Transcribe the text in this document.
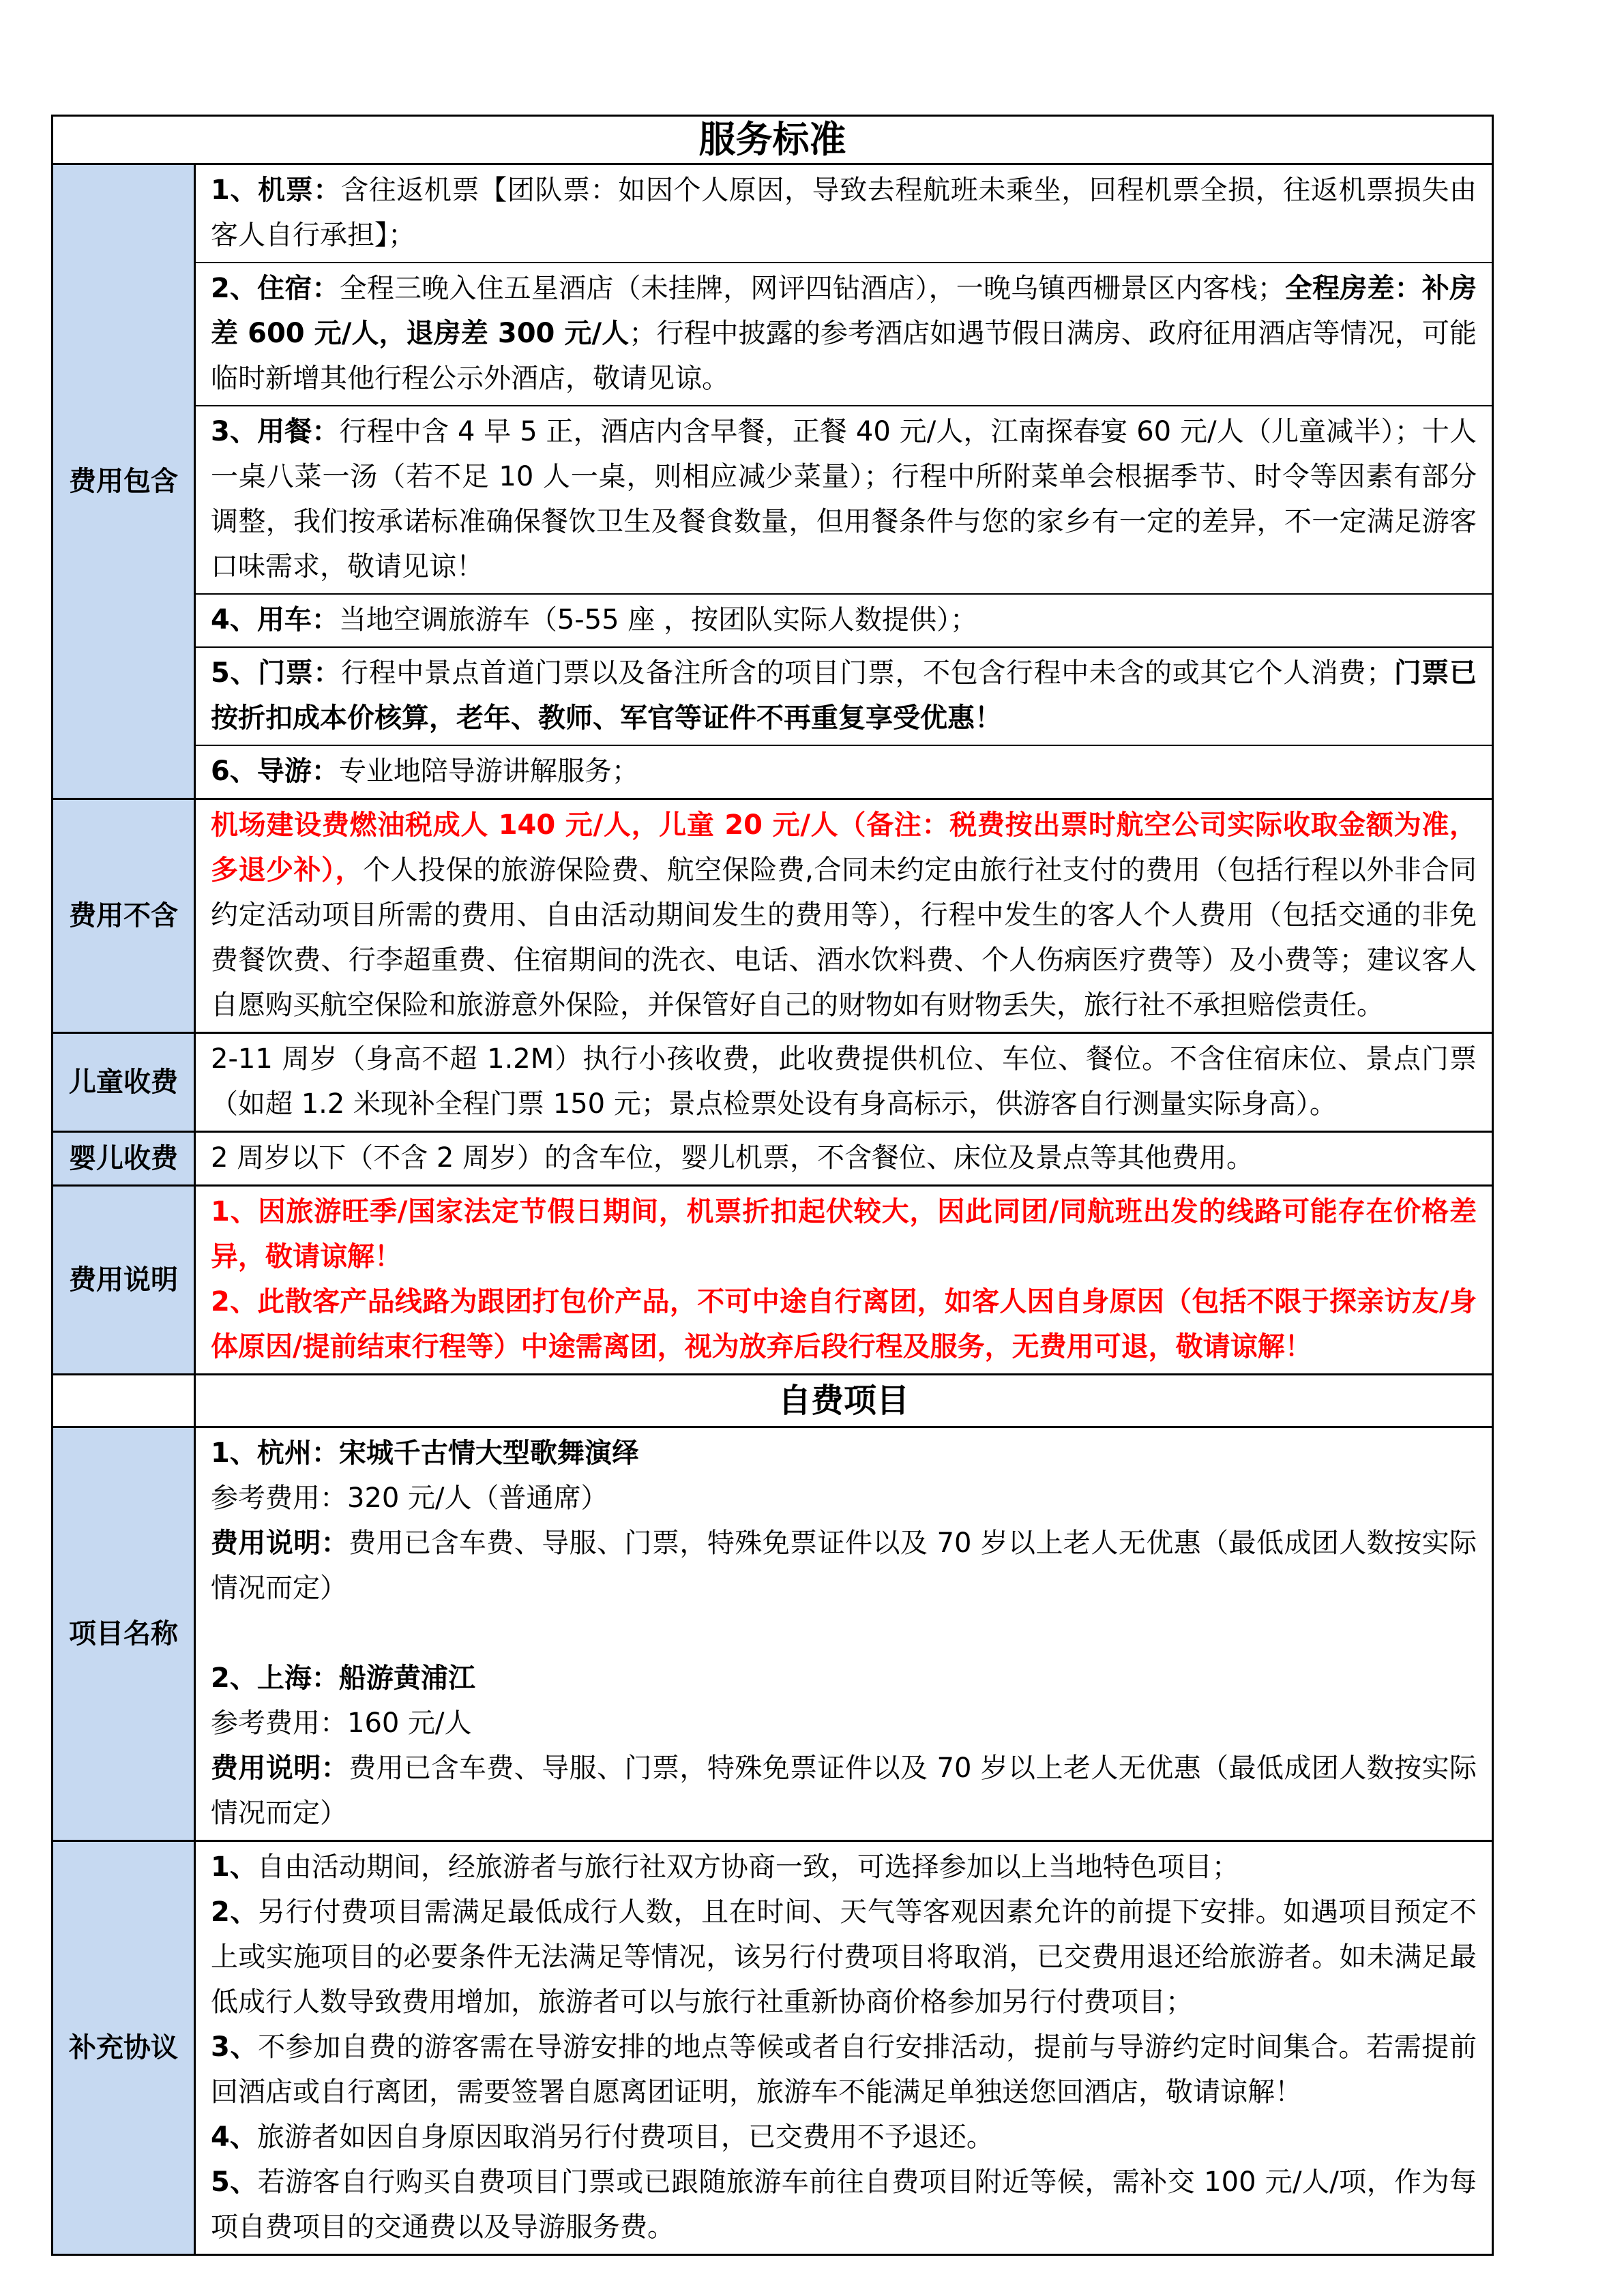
服务标准
费用包含
1、机票：含往返机票【团队票：如因个人原因，导致去程航班未乘坐，回程机票全损，往返机票损失由客人自行承担】；
2、住宿：全程三晚入住五星酒店（未挂牌，网评四钻酒店），一晚乌镇西栅景区内客栈；全程房差：补房差 600 元/人，退房差 300 元/人；行程中披露的参考酒店如遇节假日满房、政府征用酒店等情况，可能临时新增其他行程公示外酒店，敬请见谅。
3、用餐：行程中含 4 早 5 正，酒店内含早餐，正餐 40 元/人，江南探春宴 60 元/人（儿童减半）；十人一桌八菜一汤（若不足 10 人一桌，则相应减少菜量）；行程中所附菜单会根据季节、时令等因素有部分调整，我们按承诺标准确保餐饮卫生及餐食数量，但用餐条件与您的家乡有一定的差异，不一定满足游客口味需求，敬请见谅！
4、用车：当地空调旅游车（5-55 座 ，按团队实际人数提供）；
5、门票：行程中景点首道门票以及备注所含的项目门票，不包含行程中未含的或其它个人消费；门票已按折扣成本价核算，老年、教师、军官等证件不再重复享受优惠！
6、导游：专业地陪导游讲解服务；
费用不含
机场建设费燃油税成人 140 元/人，儿童 20 元/人（备注：税费按出票时航空公司实际收取金额为准，多退少补），个人投保的旅游保险费、航空保险费,合同未约定由旅行社支付的费用（包括行程以外非合同约定活动项目所需的费用、自由活动期间发生的费用等），行程中发生的客人个人费用（包括交通的非免费餐饮费、行李超重费、住宿期间的洗衣、电话、酒水饮料费、个人伤病医疗费等）及小费等；建议客人自愿购买航空保险和旅游意外保险，并保管好自己的财物如有财物丢失，旅行社不承担赔偿责任。
儿童收费
2-11 周岁（身高不超 1.2M）执行小孩收费，此收费提供机位、车位、餐位。不含住宿床位、景点门票（如超 1.2 米现补全程门票 150 元；景点检票处设有身高标示，供游客自行测量实际身高）。
婴儿收费	2 周岁以下（不含 2 周岁）的含车位，婴儿机票，不含餐位、床位及景点等其他费用。
费用说明
1、因旅游旺季/国家法定节假日期间，机票折扣起伏较大，因此同团/同航班出发的线路可能存在价格差异，敬请谅解！
2、此散客产品线路为跟团打包价产品，不可中途自行离团，如客人因自身原因（包括不限于探亲访友/身体原因/提前结束行程等）中途需离团，视为放弃后段行程及服务，无费用可退，敬请谅解！
自费项目
项目名称
1、杭州：宋城千古情大型歌舞演绎
参考费用：320 元/人（普通席）
费用说明：费用已含车费、导服、门票，特殊免票证件以及 70 岁以上老人无优惠（最低成团人数按实际情况而定）
2、上海：船游黄浦江
参考费用：160 元/人
费用说明：费用已含车费、导服、门票，特殊免票证件以及 70 岁以上老人无优惠（最低成团人数按实际情况而定）
补充协议
1、自由活动期间，经旅游者与旅行社双方协商一致，可选择参加以上当地特色项目；
2、另行付费项目需满足最低成行人数，且在时间、天气等客观因素允许的前提下安排。如遇项目预定不上或实施项目的必要条件无法满足等情况，该另行付费项目将取消，已交费用退还给旅游者。如未满足最低成行人数导致费用增加，旅游者可以与旅行社重新协商价格参加另行付费项目；
3、不参加自费的游客需在导游安排的地点等候或者自行安排活动，提前与导游约定时间集合。若需提前回酒店或自行离团，需要签署自愿离团证明，旅游车不能满足单独送您回酒店，敬请谅解！
4、旅游者如因自身原因取消另行付费项目，已交费用不予退还。
5、若游客自行购买自费项目门票或已跟随旅游车前往自费项目附近等候，需补交 100 元/人/项，作为每项自费项目的交通费以及导游服务费。
